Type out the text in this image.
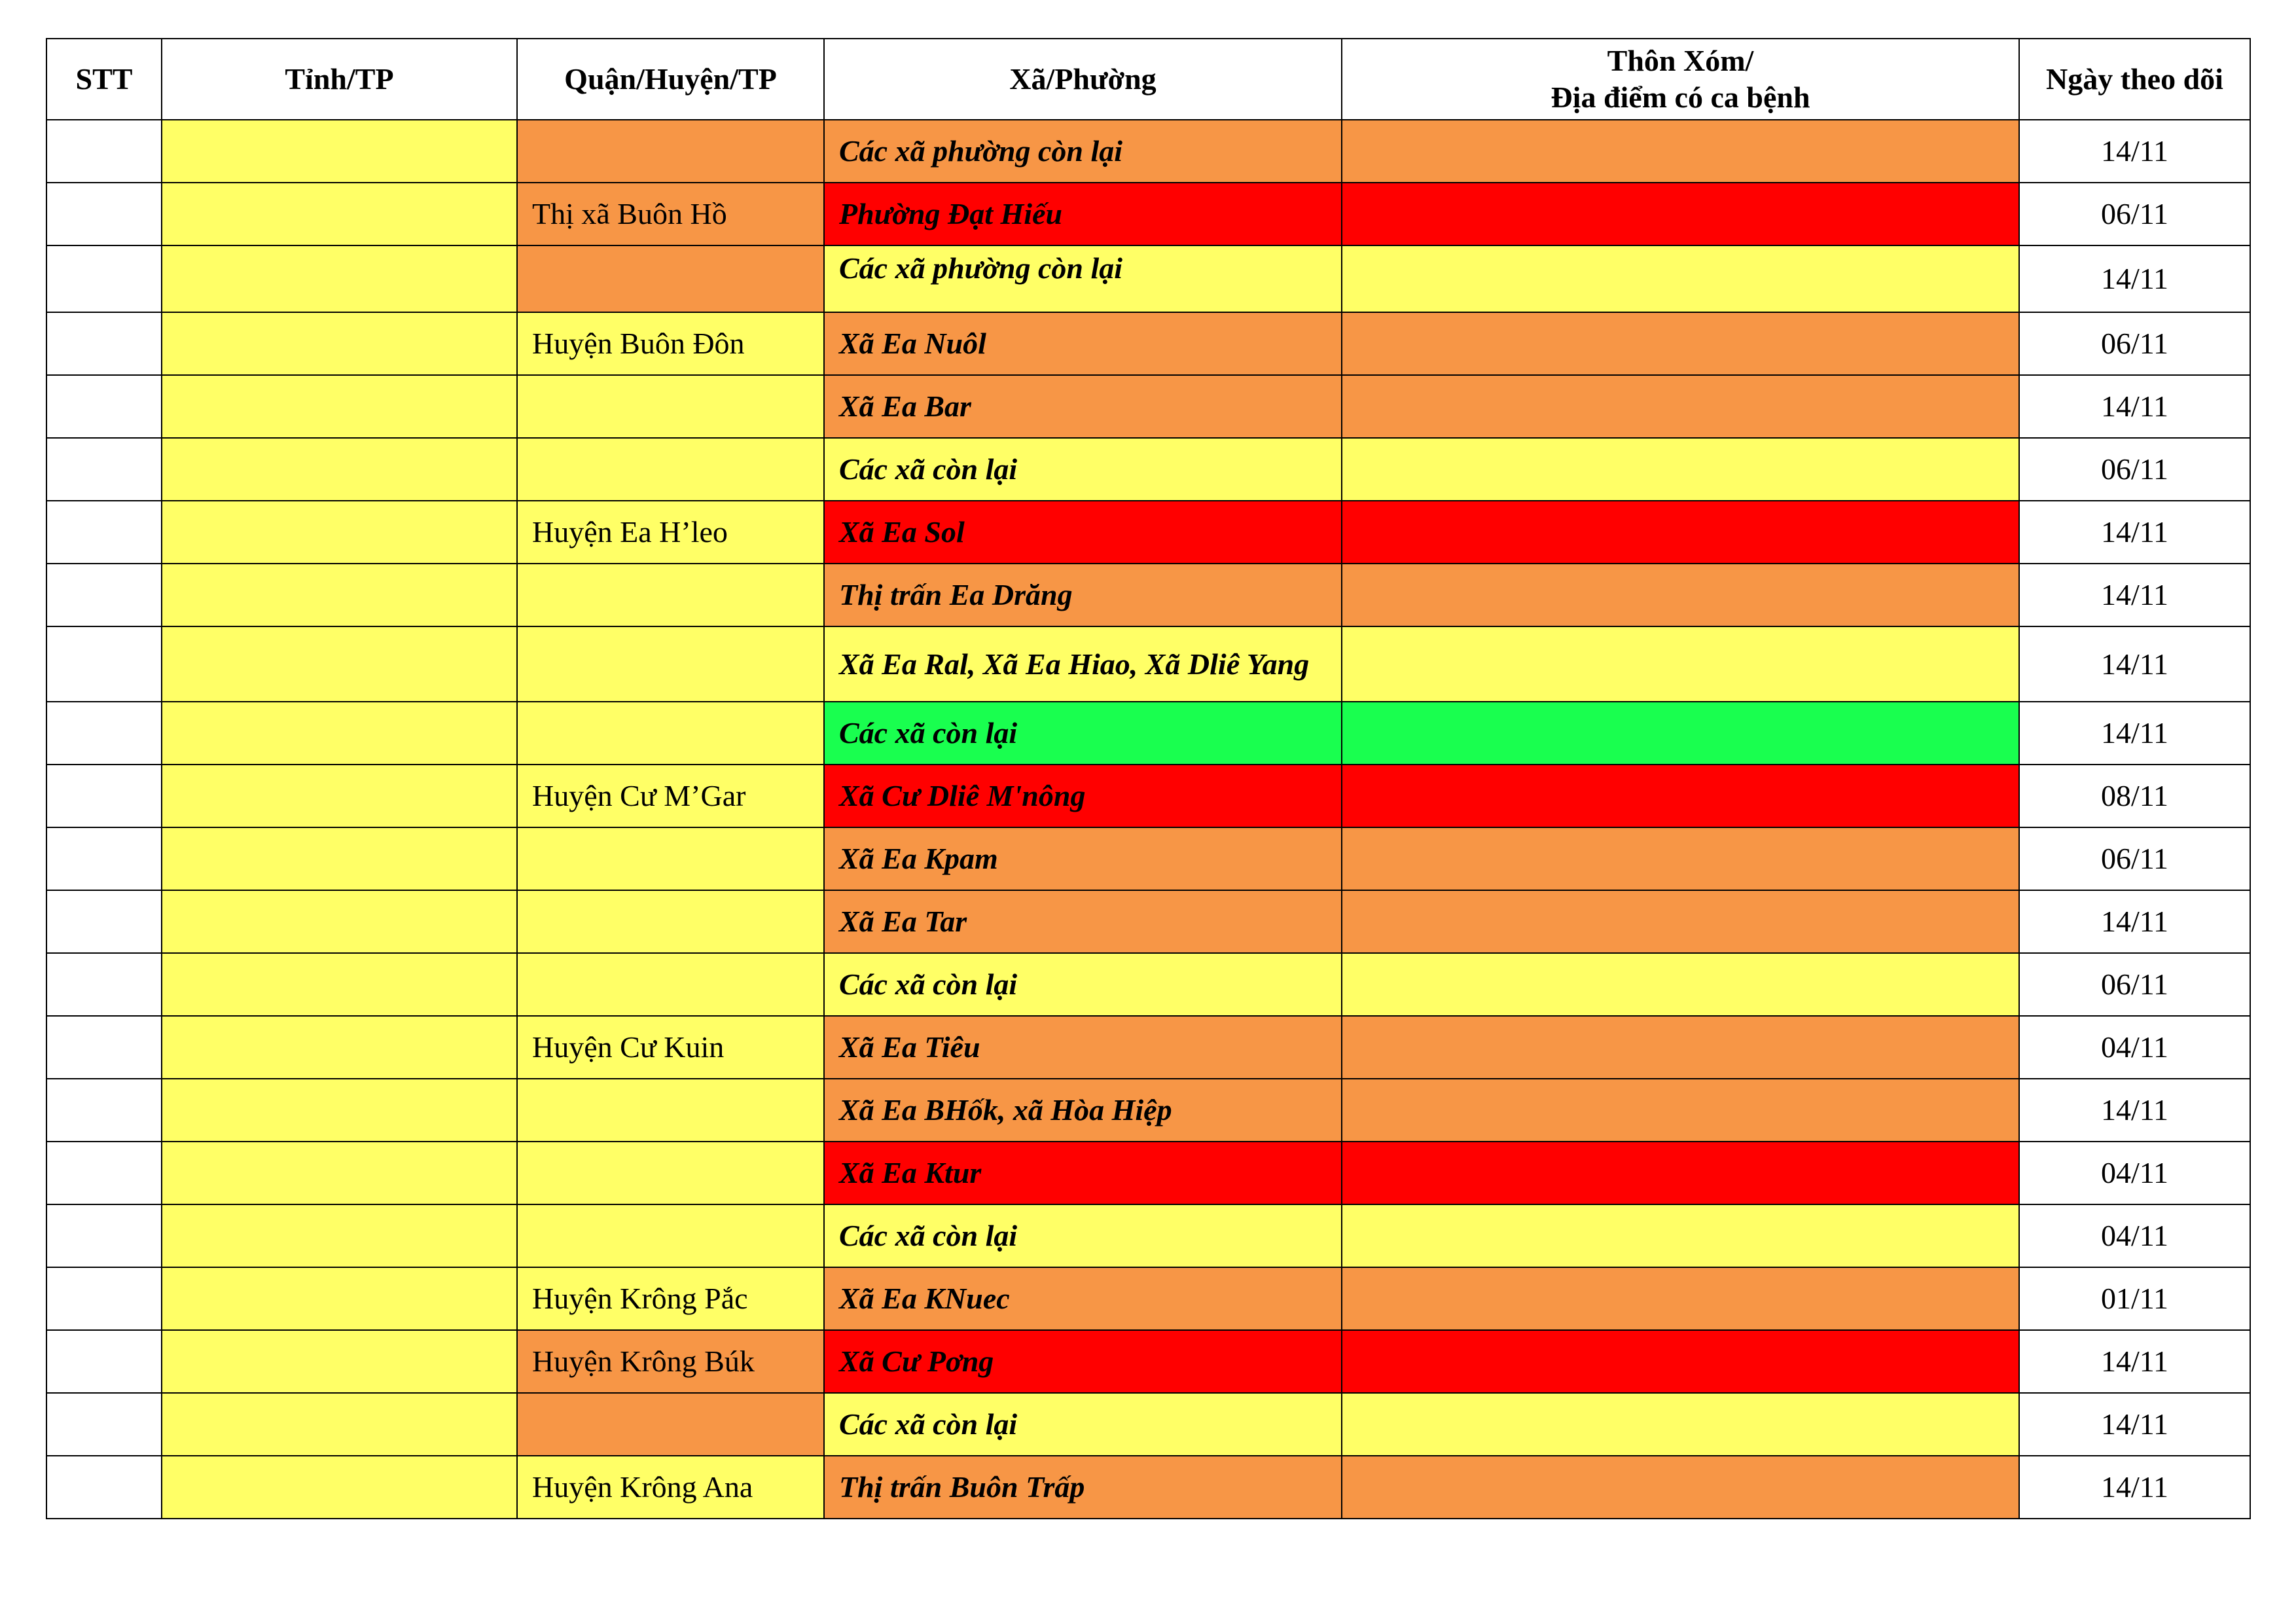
STT	Tỉnh/TP	Quận/Huyện/TP	Xã/Phường	Thôn Xóm/
Địa điểm có ca bệnh	Ngày theo dõi
			Các xã phường còn lại		14/11
		Thị xã Buôn Hồ	Phường Đạt Hiếu		06/11
			Các xã phường còn lại		14/11
		Huyện Buôn Đôn	Xã Ea Nuôl		06/11
			Xã Ea Bar		14/11
			Các xã còn lại		06/11
		Huyện Ea H’leo	Xã Ea Sol		14/11
			Thị trấn Ea Drăng		14/11
			Xã Ea Ral, Xã Ea Hiao, Xã Dliê Yang		14/11
			Các xã còn lại		14/11
		Huyện Cư M’Gar	Xã Cư Dliê M'nông		08/11
			Xã Ea Kpam		06/11
			Xã Ea Tar		14/11
			Các xã còn lại		06/11
		Huyện Cư Kuin	Xã Ea Tiêu		04/11
			Xã Ea BHốk, xã Hòa Hiệp		14/11
			Xã Ea Ktur		04/11
			Các xã còn lại		04/11
		Huyện Krông Pắc	Xã Ea KNuec		01/11
		Huyện Krông Búk	Xã Cư Pơng		14/11
			Các xã còn lại		14/11
		Huyện Krông Ana	Thị trấn Buôn Trấp		14/11
